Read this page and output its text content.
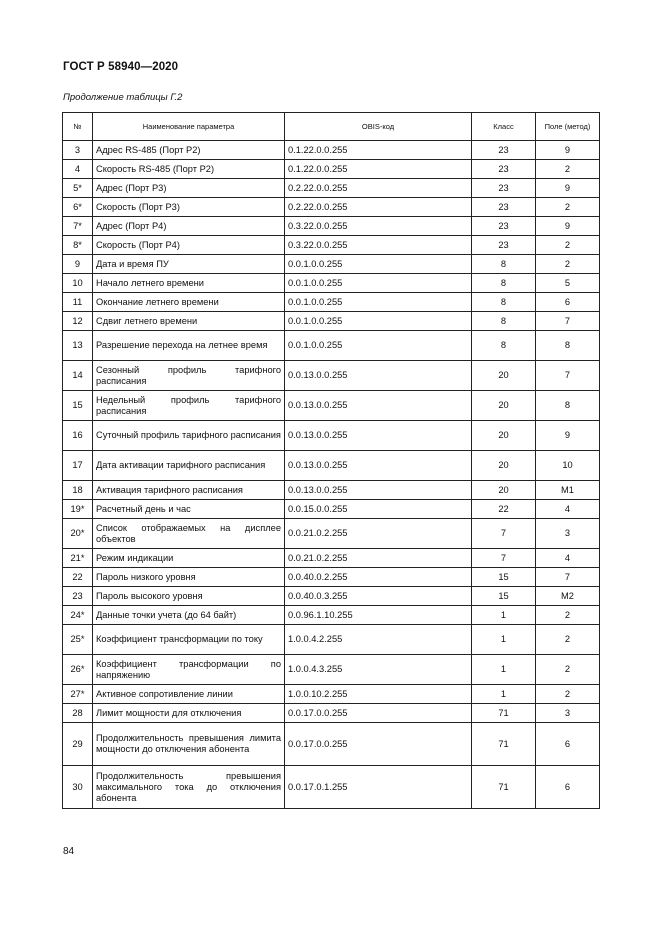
ГОСТ Р 58940—2020
Продолжение таблицы Г.2
№	Наименование параметра	OBIS-код	Класс	Поле (метод)
3	Адрес RS-485 (Порт P2)	0.1.22.0.0.255	23	9
4	Скорость RS-485 (Порт P2)	0.1.22.0.0.255	23	2
5*	Адрес (Порт P3)	0.2.22.0.0.255	23	9
6*	Скорость (Порт P3)	0.2.22.0.0.255	23	2
7*	Адрес (Порт P4)	0.3.22.0.0.255	23	9
8*	Скорость (Порт P4)	0.3.22.0.0.255	23	2
9	Дата и время ПУ	0.0.1.0.0.255	8	2
10	Начало летнего времени	0.0.1.0.0.255	8	5
11	Окончание летнего времени	0.0.1.0.0.255	8	6
12	Сдвиг летнего времени	0.0.1.0.0.255	8	7
13	Разрешение перехода на летнее время	0.0.1.0.0.255	8	8
14	Сезонный профиль тарифного расписания	0.0.13.0.0.255	20	7
15	Недельный профиль тарифного расписания	0.0.13.0.0.255	20	8
16	Суточный профиль тарифного расписания	0.0.13.0.0.255	20	9
17	Дата активации тарифного расписания	0.0.13.0.0.255	20	10
18	Активация тарифного расписания	0.0.13.0.0.255	20	M1
19*	Расчетный день и час	0.0.15.0.0.255	22	4
20*	Список отображаемых на дисплее объектов	0.0.21.0.2.255	7	3
21*	Режим индикации	0.0.21.0.2.255	7	4
22	Пароль низкого уровня	0.0.40.0.2.255	15	7
23	Пароль высокого уровня	0.0.40.0.3.255	15	M2
24*	Данные точки учета (до 64 байт)	0.0.96.1.10.255	1	2
25*	Коэффициент трансформации по току	1.0.0.4.2.255	1	2
26*	Коэффициент трансформации по напряжению	1.0.0.4.3.255	1	2
27*	Активное сопротивление линии	1.0.0.10.2.255	1	2
28	Лимит мощности для отключения	0.0.17.0.0.255	71	3
29	Продолжительность превышения лимита мощности до отключения абонента	0.0.17.0.0.255	71	6
30	Продолжительность превышения максимального тока до отключения абонента	0.0.17.0.1.255	71	6
84
